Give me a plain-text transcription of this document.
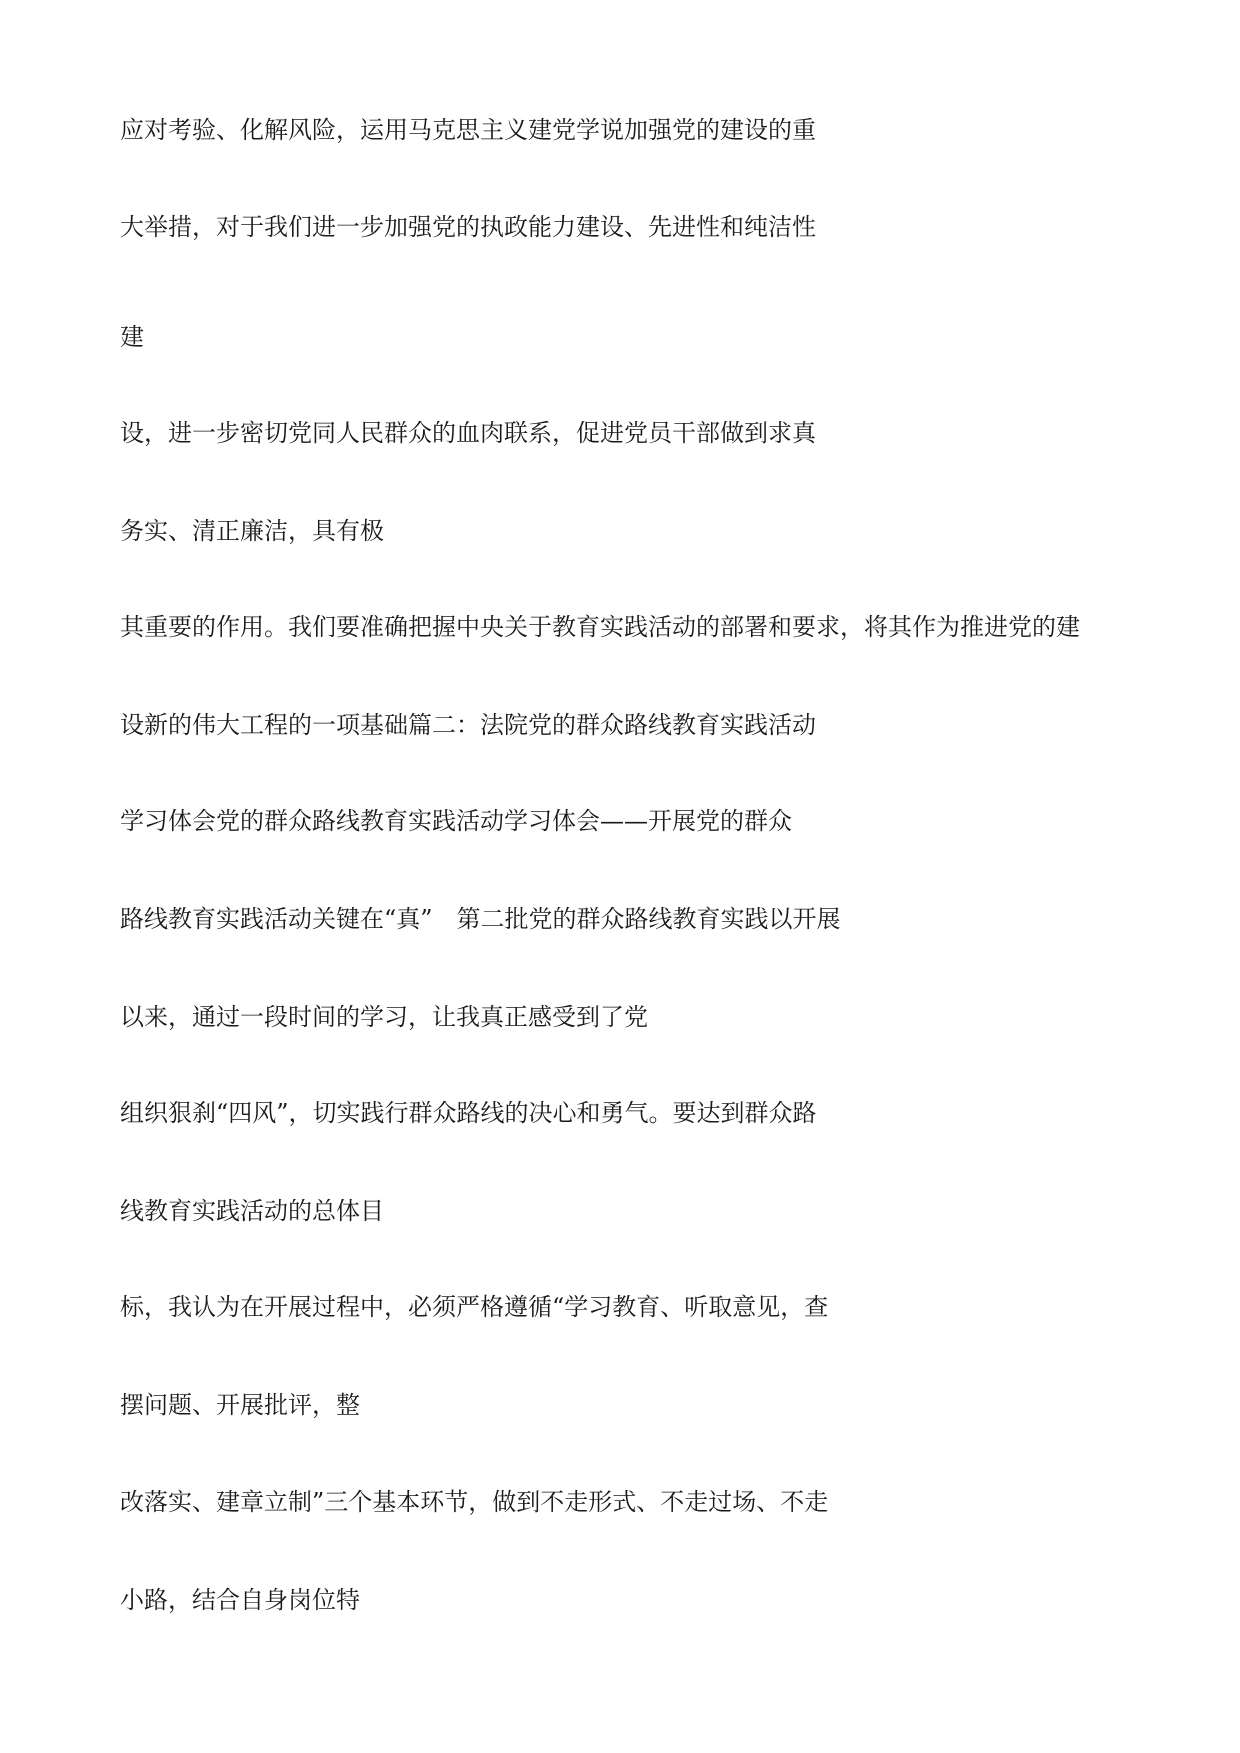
应对考验、化解风险，运用马克思主义建党学说加强党的建设的重

大举措，对于我们进一步加强党的执政能力建设、先进性和纯洁性

建

设，进一步密切党同人民群众的血肉联系，促进党员干部做到求真

务实、清正廉洁，具有极

其重要的作用。我们要准确把握中央关于教育实践活动的部署和要求，将其作为推进党的建

设新的伟大工程的一项基础篇二：法院党的群众路线教育实践活动

学习体会党的群众路线教育实践活动学习体会——开展党的群众

路线教育实践活动关键在“真”　第二批党的群众路线教育实践以开展

以来，通过一段时间的学习，让我真正感受到了党

组织狠刹“四风”，切实践行群众路线的决心和勇气。要达到群众路

线教育实践活动的总体目

标，我认为在开展过程中，必须严格遵循“学习教育、听取意见，查

摆问题、开展批评，整

改落实、建章立制”三个基本环节，做到不走形式、不走过场、不走

小路，结合自身岗位特
